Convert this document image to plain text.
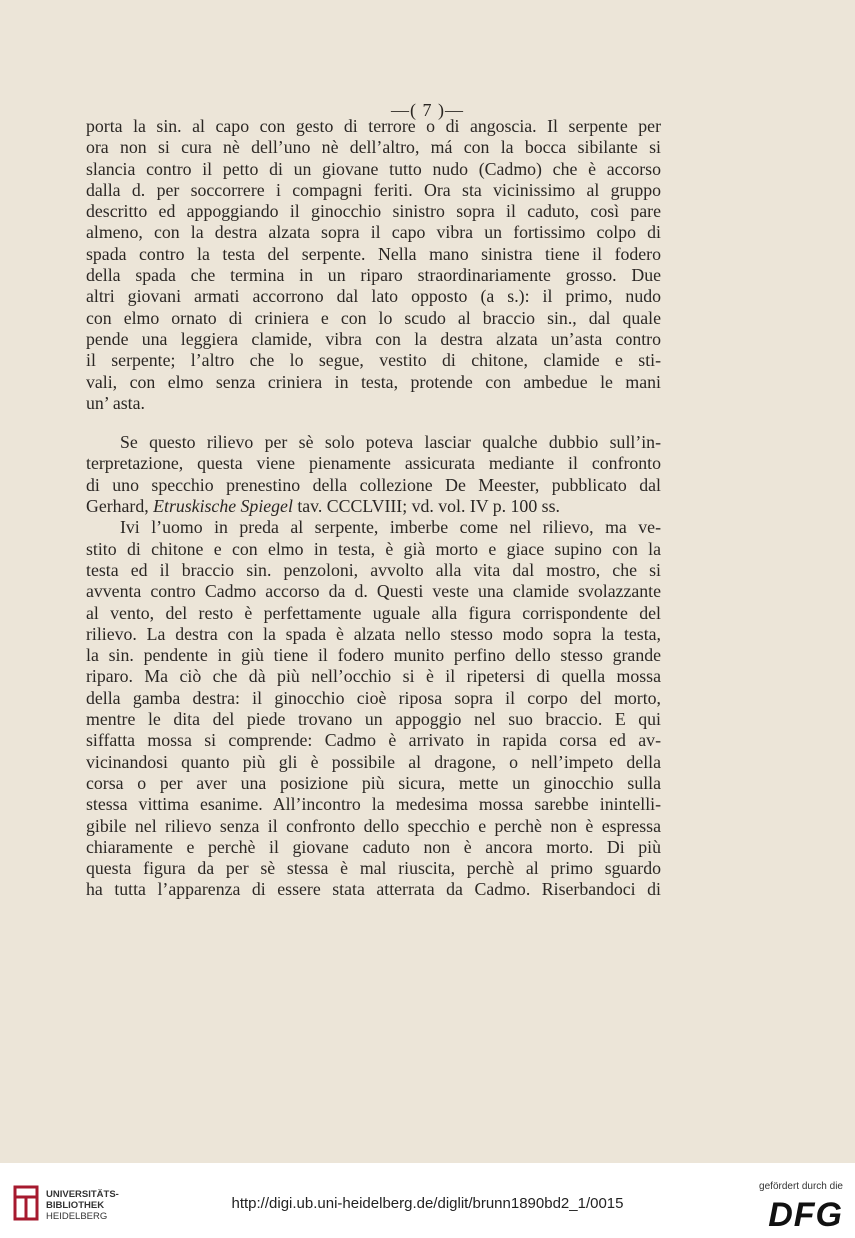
—( 7 )—
porta la sin. al capo con gesto di terrore o di angoscia. Il serpente per
ora non si cura nè dell’uno nè dell’altro, má con la bocca sibilante si
slancia contro il petto di un giovane tutto nudo (Cadmo) che è accorso
dalla d. per soccorrere i compagni feriti. Ora sta vicinissimo al gruppo
descritto ed appoggiando il ginocchio sinistro sopra il caduto, così pare
almeno, con la destra alzata sopra il capo vibra un fortissimo colpo di
spada contro la testa del serpente. Nella mano sinistra tiene il fodero
della spada che termina in un riparo straordinariamente grosso. Due
altri giovani armati accorrono dal lato opposto (a s.): il primo, nudo
con elmo ornato di criniera e con lo scudo al braccio sin., dal quale
pende una leggiera clamide, vibra con la destra alzata un’asta contro
il serpente; l’altro che lo segue, vestito di chitone, clamide e sti-
vali, con elmo senza criniera in testa, protende con ambedue le mani
un’ asta.
Se questo rilievo per sè solo poteva lasciar qualche dubbio sull’in-
terpretazione, questa viene pienamente assicurata mediante il confronto
di uno specchio prenestino della collezione De Meester, pubblicato dal
Gerhard, Etruskische Spiegel tav. CCCLVIII; vd. vol. IV p. 100 ss.
Ivi l’uomo in preda al serpente, imberbe come nel rilievo, ma ve-
stito di chitone e con elmo in testa, è già morto e giace supino con la
testa ed il braccio sin. penzoloni, avvolto alla vita dal mostro, che si
avventa contro Cadmo accorso da d. Questi veste una clamide svolazzante
al vento, del resto è perfettamente uguale alla figura corrispondente del
rilievo. La destra con la spada è alzata nello stesso modo sopra la testa,
la sin. pendente in giù tiene il fodero munito perfino dello stesso grande
riparo. Ma ciò che dà più nell’occhio si è il ripetersi di quella mossa
della gamba destra: il ginocchio cioè riposa sopra il corpo del morto,
mentre le dita del piede trovano un appoggio nel suo braccio. E qui
siffatta mossa si comprende: Cadmo è arrivato in rapida corsa ed av-
vicinandosi quanto più gli è possibile al dragone, o nell’impeto della
corsa o per aver una posizione più sicura, mette un ginocchio sulla
stessa vittima esanime. All’incontro la medesima mossa sarebbe inintelli-
gibile nel rilievo senza il confronto dello specchio e perchè non è espressa
chiaramente e perchè il giovane caduto non è ancora morto. Di più
questa figura da per sè stessa è mal riuscita, perchè al primo sguardo
ha tutta l’apparenza di essere stata atterrata da Cadmo. Riserbandoci di
UNIVERSITÄTS-
BIBLIOTHEK
HEIDELBERG
http://digi.ub.uni-heidelberg.de/diglit/brunn1890bd2_1/0015
gefördert durch die
DFG
